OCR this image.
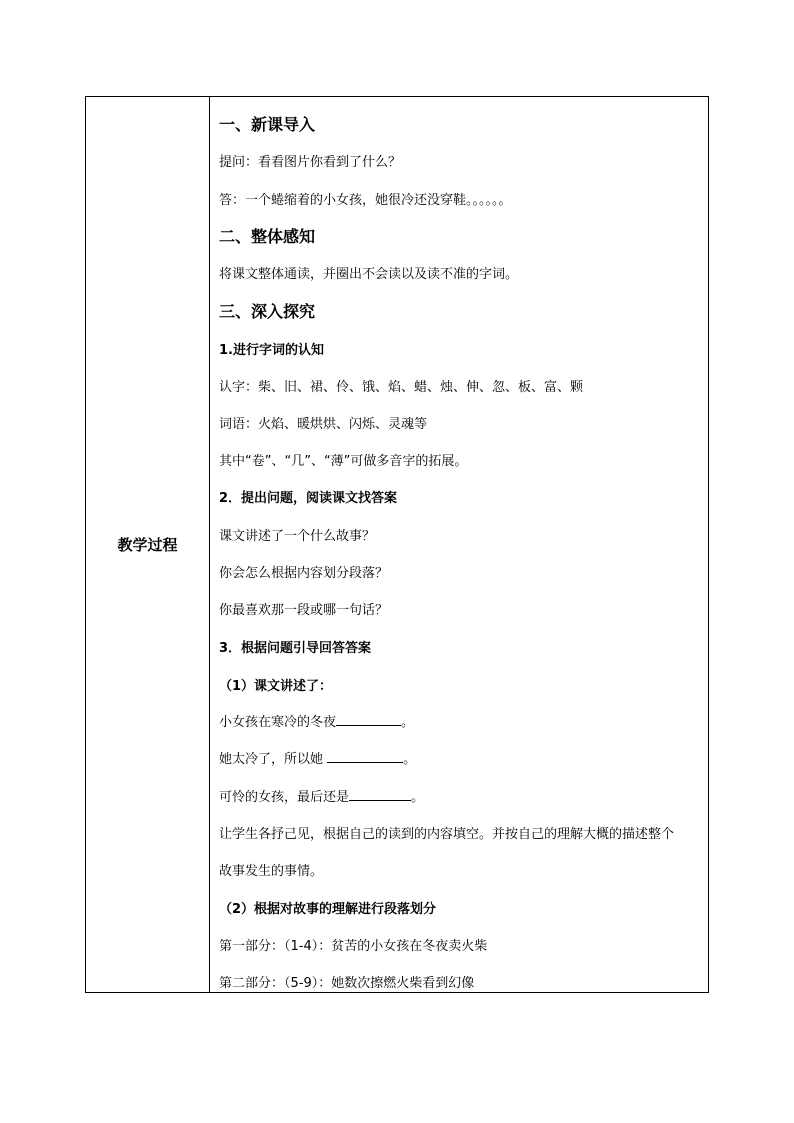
教学过程
一、新课导入
提问：看看图片你看到了什么？
答：一个蜷缩着的小女孩，她很冷还没穿鞋。。。。。。
二、整体感知
将课文整体通读，并圈出不会读以及读不准的字词。
三、深入探究
1.进行字词的认知
认字：柴、旧、裙、伶、饿、焰、蜡、烛、伸、忽、板、富、颗
词语：火焰、暖烘烘、闪烁、灵魂等
其中“卷”、“几”、“薄”可做多音字的拓展。
2．提出问题，阅读课文找答案
课文讲述了一个什么故事？
你会怎么根据内容划分段落？
你最喜欢那一段或哪一句话？
3．根据问题引导回答答案
（1）课文讲述了：
小女孩在寒冷的冬夜	。
她太冷了，所以她	。
可怜的女孩，最后还是	。
让学生各抒己见，根据自己的读到的内容填空。并按自己的理解大概的描述整个
故事发生的事情。
（2）根据对故事的理解进行段落划分
第一部分：（1-4）：贫苦的小女孩在冬夜卖火柴
第二部分：（5-9）：她数次擦燃火柴看到幻像
